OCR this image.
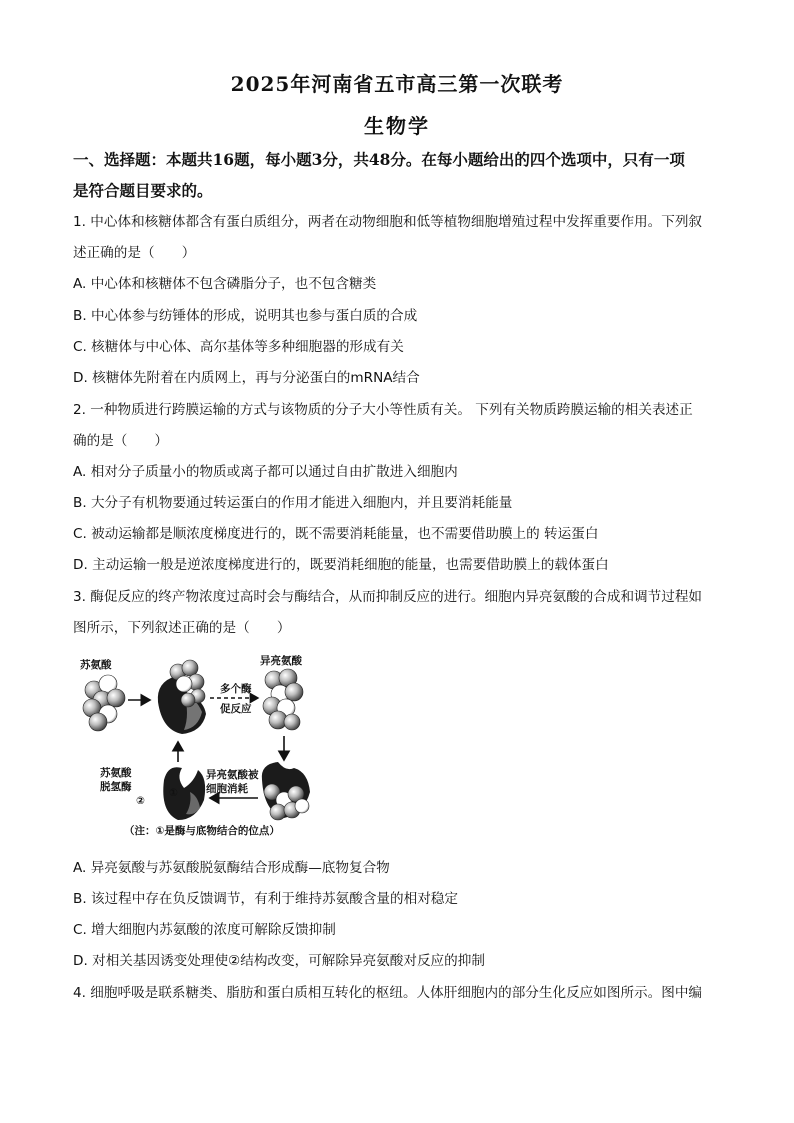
2025年河南省五市高三第一次联考
生物学
一、选择题：本题共16题，每小题3分，共48分。在每小题给出的四个选项中，只有一项
是符合题目要求的。
1. 中心体和核糖体都含有蛋白质组分，两者在动物细胞和低等植物细胞增殖过程中发挥重要作用。下列叙
述正确的是（　　）
A. 中心体和核糖体不包含磷脂分子，也不包含糖类
B. 中心体参与纺锤体的形成，说明其也参与蛋白质的合成
C. 核糖体与中心体、高尔基体等多种细胞器的形成有关
D. 核糖体先附着在内质网上，再与分泌蛋白的mRNA结合
2. 一种物质进行跨膜运输的方式与该物质的分子大小等性质有关。 下列有关物质跨膜运输的相关表述正
确的是（　　）
A. 相对分子质量小的物质或离子都可以通过自由扩散进入细胞内
B. 大分子有机物要通过转运蛋白的作用才能进入细胞内，并且要消耗能量
C. 被动运输都是顺浓度梯度进行的，既不需要消耗能量，也不需要借助膜上的 转运蛋白
D. 主动运输一般是逆浓度梯度进行的，既要消耗细胞的能量，也需要借助膜上的载体蛋白
3. 酶促反应的终产物浓度过高时会与酶结合，从而抑制反应的进行。细胞内异亮氨酸的合成和调节过程如
图所示，下列叙述正确的是（　　）
苏氨酸	异亮氨酸
多个酶
促反应
异亮氨酸被
细胞消耗
①
②
苏氨酸
脱氢酶
（注：①是酶与底物结合的位点）
A. 异亮氨酸与苏氨酸脱氨酶结合形成酶—底物复合物
B. 该过程中存在负反馈调节，有利于维持苏氨酸含量的相对稳定
C. 增大细胞内苏氨酸的浓度可解除反馈抑制
D. 对相关基因诱变处理使②结构改变，可解除异亮氨酸对反应的抑制
4. 细胞呼吸是联系糖类、脂肪和蛋白质相互转化的枢纽。人体肝细胞内的部分生化反应如图所示。图中编
